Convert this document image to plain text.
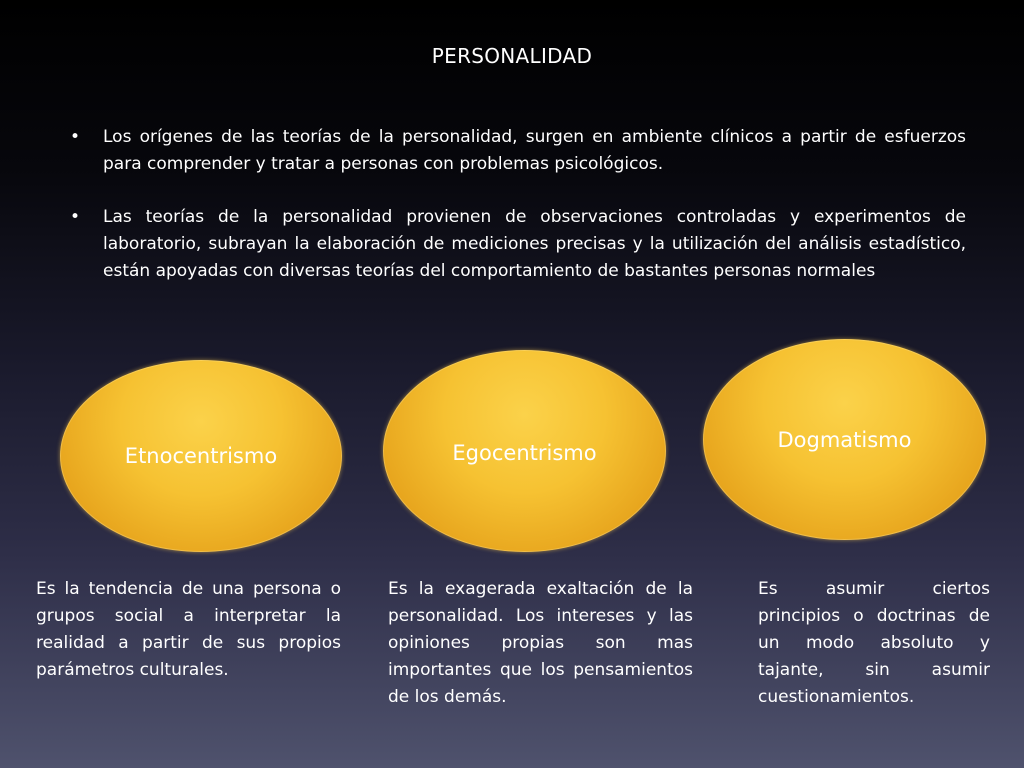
PERSONALIDAD
• Los orígenes de las teorías de la personalidad, surgen en ambiente clínicos a partir de esfuerzos para comprender y tratar a personas con problemas psicológicos.
• Las teorías de la personalidad provienen de observaciones controladas y experimentos de laboratorio, subrayan la elaboración de mediciones precisas y la utilización del análisis estadístico, están apoyadas con diversas teorías del comportamiento de bastantes personas normales
Etnocentrismo	Egocentrismo
Dogmatismo
Es la tendencia de una persona o grupos social a interpretar la realidad a partir de sus propios parámetros culturales.
Es la exagerada exaltación de la personalidad. Los intereses y las opiniones propias son mas importantes que los pensamientos de los demás.
Es asumir ciertos principios o doctrinas de un modo absoluto y tajante, sin asumir cuestionamientos.
